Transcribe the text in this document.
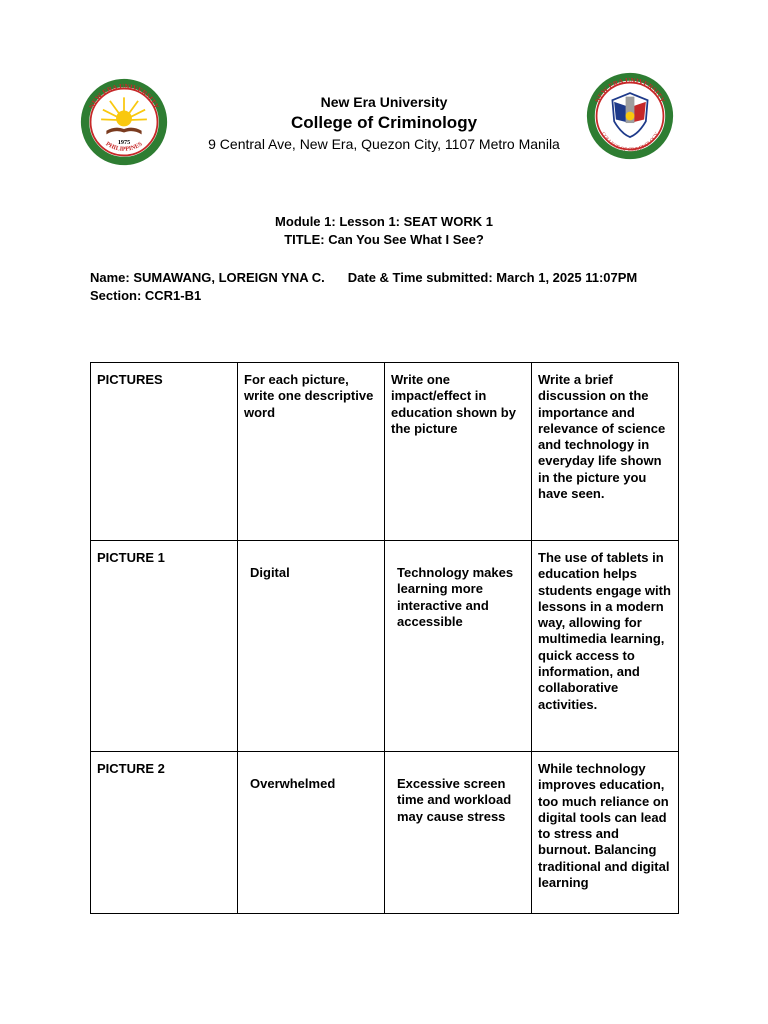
NEW ERA UNIVERSITY
PHILIPPINES
1975
New Era University
College of Criminology
9 Central Ave, New Era, Quezon City, 1107 Metro Manila
NEW ERA UNIVERSITY
COLLEGE OF CRIMINOLOGY
Module 1: Lesson 1: SEAT WORK 1
TITLE: Can You See What I See?
Name: SUMAWANG, LOREIGN YNA C. Date & Time submitted: March 1, 2025 11:07PM
Section: CCR1-B1
PICTURES	For each picture, write one descriptive word	Write one impact/effect in education shown by the picture	Write a brief discussion on the importance and relevance of science and technology in everyday life shown in the picture you have seen.
PICTURE 1	Digital	Technology makes learning more interactive and accessible	The use of tablets in education helps students engage with lessons in a modern way, allowing for multimedia learning, quick access to information, and collaborative activities.
PICTURE 2	Overwhelmed	Excessive screen time and workload may cause stress	While technology improves education, too much reliance on digital tools can lead to stress and burnout. Balancing traditional and digital learning
